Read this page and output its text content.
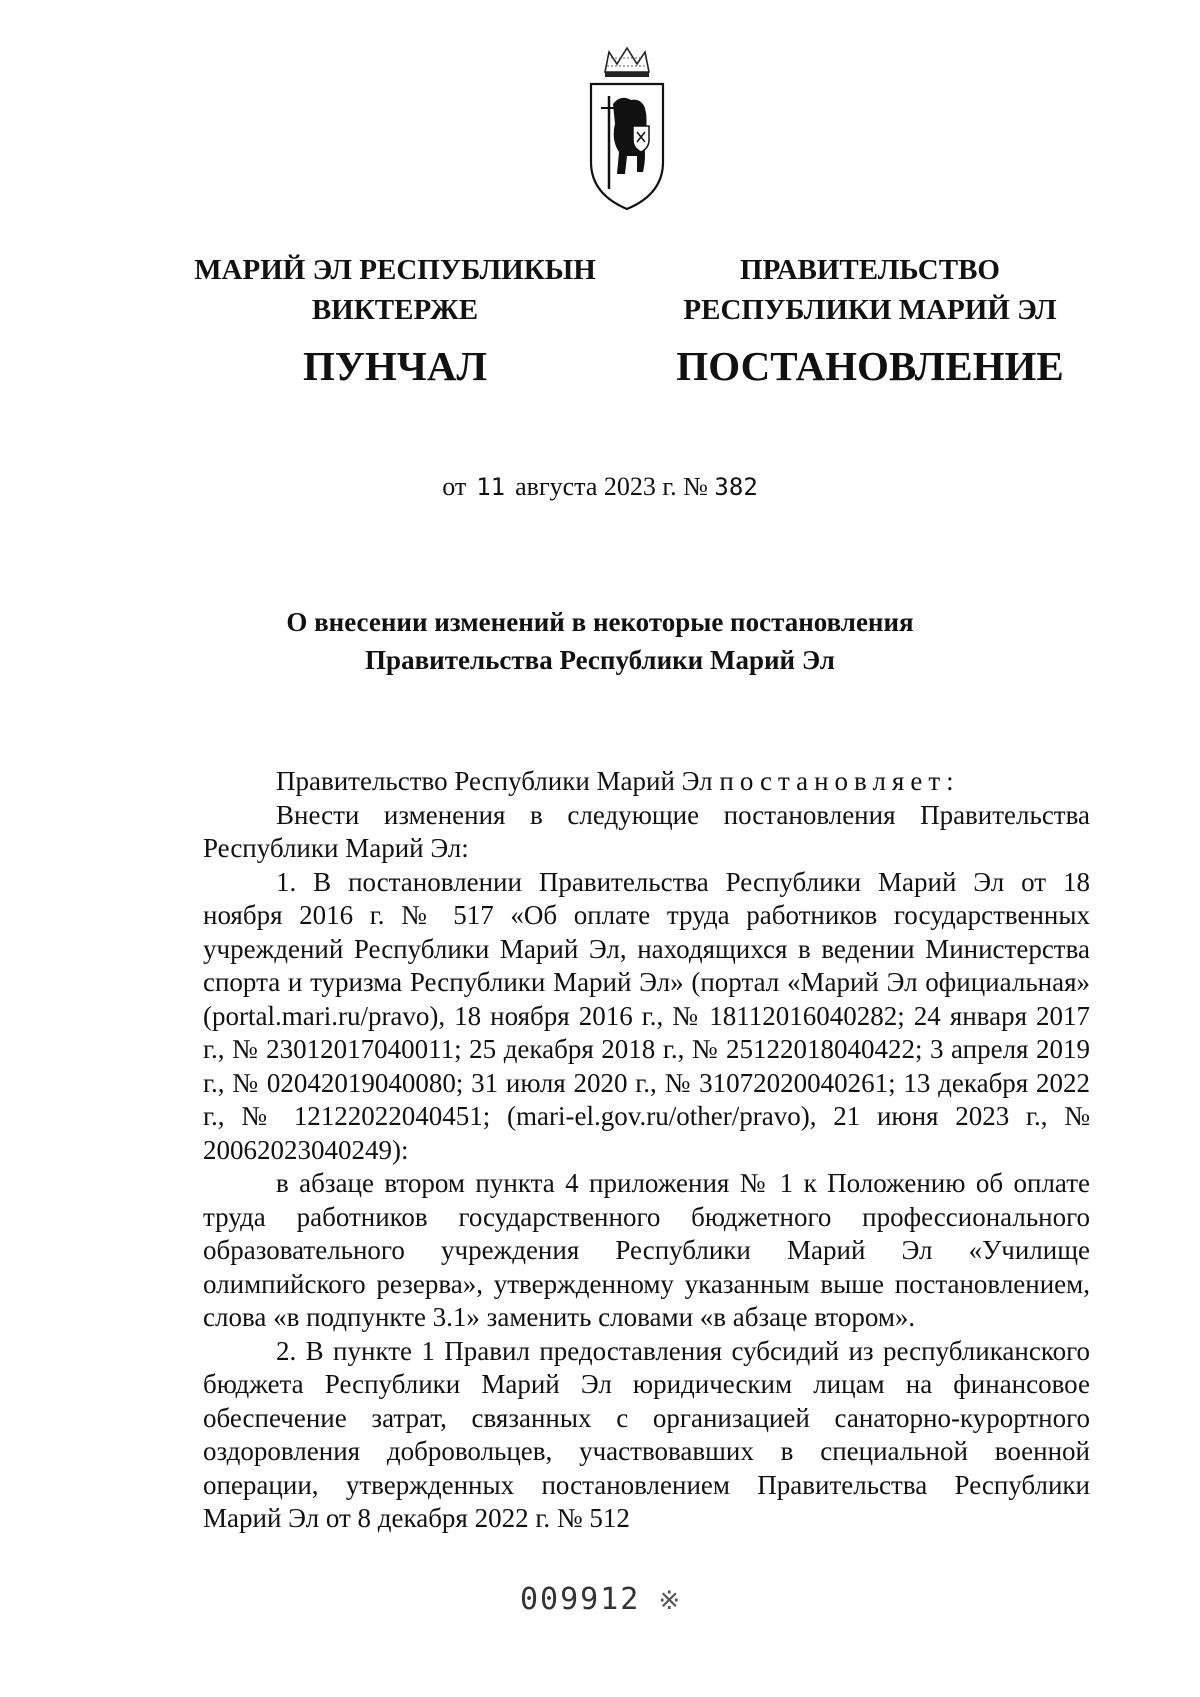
МАРИЙ ЭЛ РЕСПУБЛИКЫН
ВИКТЕРЖЕ
ПУНЧАЛ
ПРАВИТЕЛЬСТВО
РЕСПУБЛИКИ МАРИЙ ЭЛ
ПОСТАНОВЛЕНИЕ
от 11 августа 2023 г. № 382
О внесении изменений в некоторые постановления
Правительства Республики Марий Эл

Правительство Республики Марий Эл постановляет:

Внести изменения в следующие постановления Правительства Республики Марий Эл:

1. В постановлении Правительства Республики Марий Эл от 18 ноября 2016 г. № 517 «Об оплате труда работников государственных учреждений Республики Марий Эл, находящихся в ведении Министерства спорта и туризма Республики Марий Эл» (портал «Марий Эл официальная» (portal.mari.ru/pravo), 18 ноября 2016 г., № 18112016040282; 24 января 2017 г., № 23012017040011; 25 декабря 2018 г., № 25122018040422; 3 апреля 2019 г., № 02042019040080; 31 июля 2020 г., № 31072020040261; 13 декабря 2022 г., № 12122022040451; (mari-el.gov.ru/other/pravo), 21 июня 2023 г., № 20062023040249):

в абзаце втором пункта 4 приложения № 1 к Положению об оплате труда работников государственного бюджетного профессионального образовательного учреждения Республики Марий Эл «Училище олимпийского резерва», утвержденному указанным выше постановлением, слова «в подпункте 3.1» заменить словами «в абзаце втором».

2. В пункте 1 Правил предоставления субсидий из республиканского бюджета Республики Марий Эл юридическим лицам на финансовое обеспечение затрат, связанных с организацией санаторно-курортного оздоровления добровольцев, участвовавших в специальной военной операции, утвержденных постановлением Правительства Республики Марий Эл от 8 декабря 2022 г. № 512

009912 ※
